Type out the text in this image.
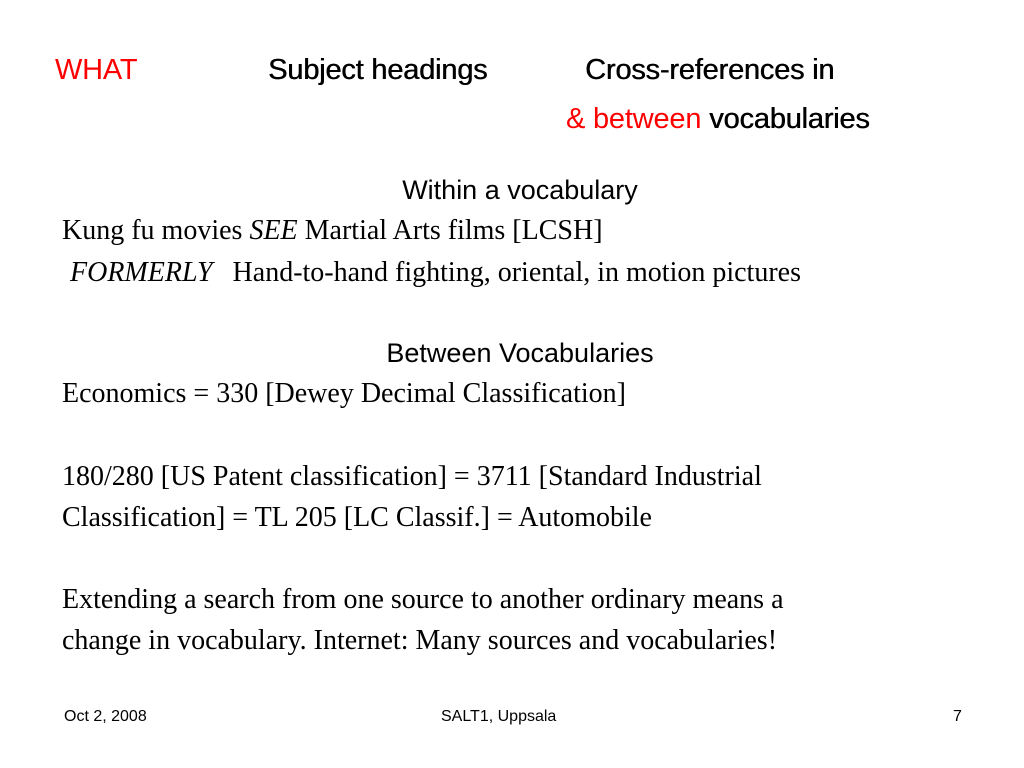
WHAT	Subject headings	Cross-references in
& between vocabularies
Within a vocabulary
Kung fu movies SEE Martial Arts films [LCSH]
FORMERLY Hand-to-hand fighting, oriental, in motion pictures
Between Vocabularies
Economics = 330 [Dewey Decimal Classification]
180/280 [US Patent classification] = 3711 [Standard Industrial
Classification] = TL 205 [LC Classif.] = Automobile
Extending a search from one source to another ordinary means a
change in vocabulary. Internet: Many sources and vocabularies!
Oct 2, 2008	SALT1, Uppsala	7
